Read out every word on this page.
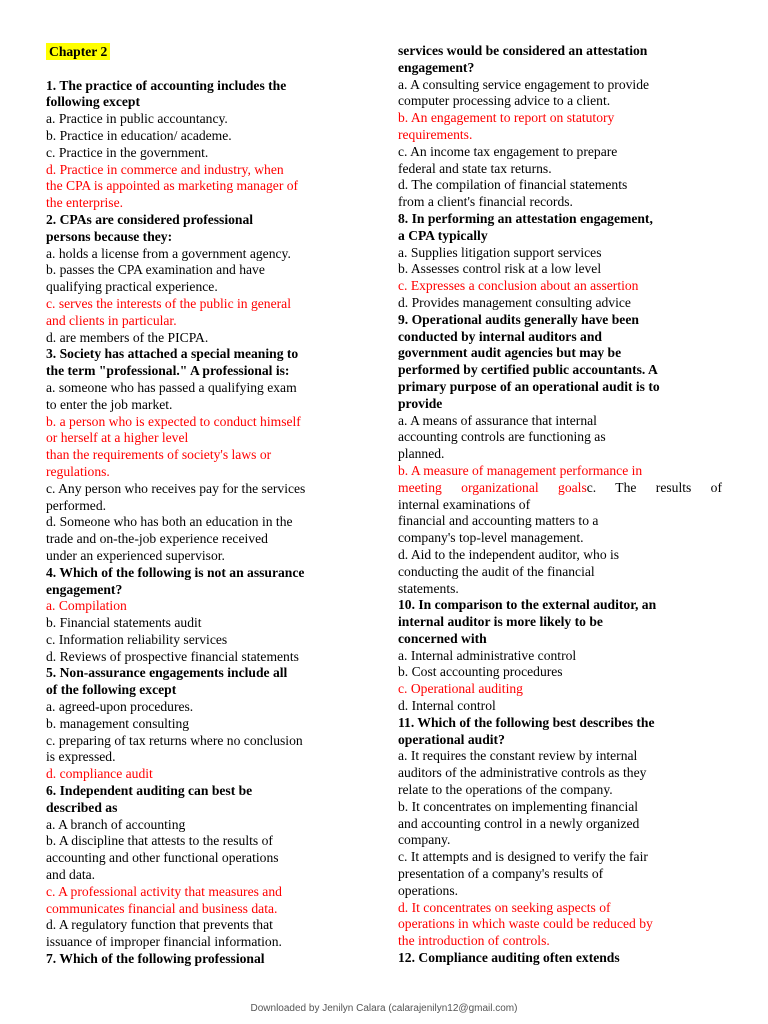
Chapter 2

1. The practice of accounting includes the
following except
a. Practice in public accountancy.
b. Practice in education/ academe.
c. Practice in the government.
d. Practice in commerce and industry, when
the CPA is appointed as marketing manager of
the enterprise.
2. CPAs are considered professional
persons because they:
a. holds a license from a government agency.
b. passes the CPA examination and have
qualifying practical experience.
c. serves the interests of the public in general
and clients in particular.
d. are members of the PICPA.
3. Society has attached a special meaning to
the term "professional." A professional is:
a. someone who has passed a qualifying exam
to enter the job market.
b. a person who is expected to conduct himself
or herself at a higher level
than the requirements of society's laws or
regulations.
c. Any person who receives pay for the services
performed.
d. Someone who has both an education in the
trade and on-the-job experience received
under an experienced supervisor.
4. Which of the following is not an assurance
engagement?
a. Compilation
b. Financial statements audit
c. Information reliability services
d. Reviews of prospective financial statements
5. Non-assurance engagements include all
of the following except
a. agreed-upon procedures.
b. management consulting
c. preparing of tax returns where no conclusion
is expressed.
d. compliance audit
6. Independent auditing can best be
described as
a. A branch of accounting
b. A discipline that attests to the results of
accounting and other functional operations
and data.
c. A professional activity that measures and
communicates financial and business data.
d. A regulatory function that prevents that
issuance of improper financial information.
7. Which of the following professional
services would be considered an attestation
engagement?
a. A consulting service engagement to provide
computer processing advice to a client.
b. An engagement to report on statutory
requirements.
c. An income tax engagement to prepare
federal and state tax returns.
d. The compilation of financial statements
from a client's financial records.
8. In performing an attestation engagement,
a CPA typically
a. Supplies litigation support services
b. Assesses control risk at a low level
c. Expresses a conclusion about an assertion
d. Provides management consulting advice
9. Operational audits generally have been
conducted by internal auditors and
government audit agencies but may be
performed by certified public accountants. A
primary purpose of an operational audit is to
provide
a. A means of assurance that internal
accounting controls are functioning as
planned.
b. A measure of management performance in
meeting organizational goalsc. The results of
internal examinations of
financial and accounting matters to a
company's top-level management.
d. Aid to the independent auditor, who is
conducting the audit of the financial
statements.
10. In comparison to the external auditor, an
internal auditor is more likely to be
concerned with
a. Internal administrative control
b. Cost accounting procedures
c. Operational auditing
d. Internal control
11. Which of the following best describes the
operational audit?
a. It requires the constant review by internal
auditors of the administrative controls as they
relate to the operations of the company.
b. It concentrates on implementing financial
and accounting control in a newly organized
company.
c. It attempts and is designed to verify the fair
presentation of a company's results of
operations.
d. It concentrates on seeking aspects of
operations in which waste could be reduced by
the introduction of controls.
12. Compliance auditing often extends
Downloaded by Jenilyn Calara (calarajenilyn12@gmail.com)
